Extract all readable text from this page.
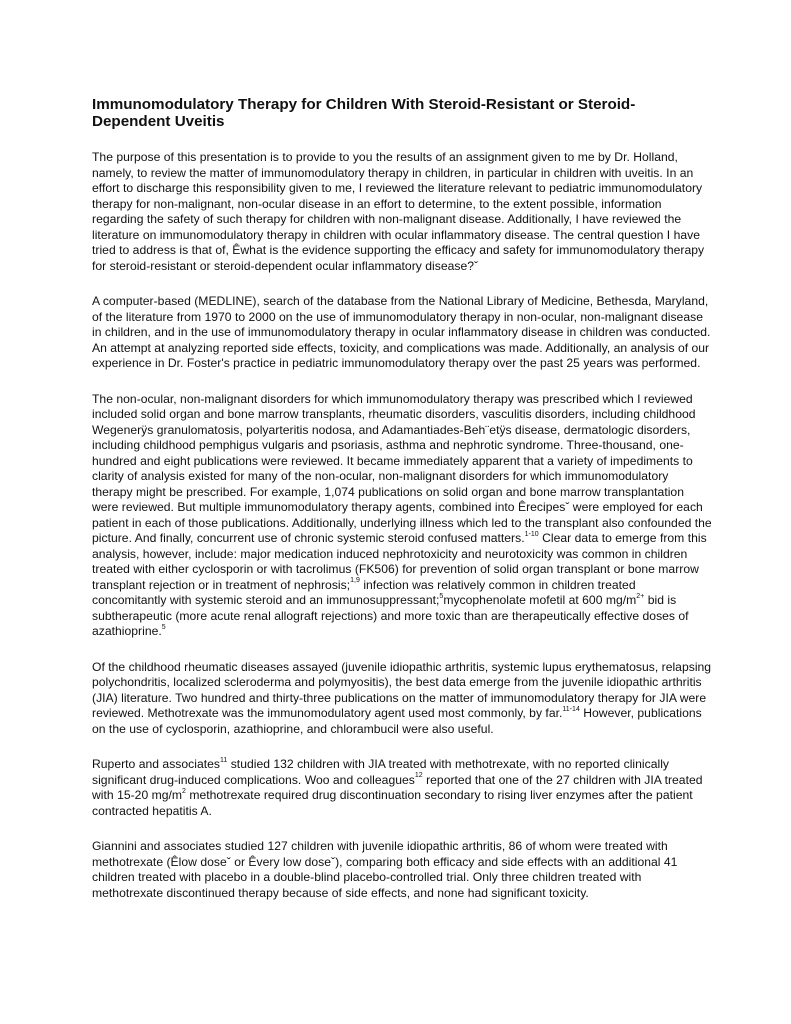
Immunomodulatory Therapy for Children With Steroid-Resistant or Steroid-
Dependent Uveitis

The purpose of this presentation is to provide to you the results of an assignment given to me by Dr. Holland, namely, to review the matter of immunomodulatory therapy in children, in particular in children with uveitis. In an effort to discharge this responsibility given to me, I reviewed the literature relevant to pediatric immunomodulatory therapy for non-malignant, non-ocular disease in an effort to determine, to the extent possible, information regarding the safety of such therapy for children with non-malignant disease. Additionally, I have reviewed the literature on immunomodulatory therapy in children with ocular inflammatory disease. The central question I have tried to address is that of, Êwhat is the evidence supporting the efficacy and safety for immunomodulatory therapy for steroid-resistant or steroid-dependent ocular inflammatory disease?ˇ

A computer-based (MEDLINE), search of the database from the National Library of Medicine, Bethesda, Maryland, of the literature from 1970 to 2000 on the use of immunomodulatory therapy in non-ocular, non-malignant disease in children, and in the use of immunomodulatory therapy in ocular inflammatory disease in children was conducted. An attempt at analyzing reported side effects, toxicity, and complications was made. Additionally, an analysis of our experience in Dr. Foster's practice in pediatric immunomodulatory therapy over the past 25 years was performed.

The non-ocular, non-malignant disorders for which immunomodulatory therapy was prescribed which I reviewed included solid organ and bone marrow transplants, rheumatic disorders, vasculitis disorders, including childhood Wegenerÿs granulomatosis, polyarteritis nodosa, and Adamantiades-Beh¨etÿs disease, dermatologic disorders, including childhood pemphigus vulgaris and psoriasis, asthma and nephrotic syndrome. Three-thousand, one-hundred and eight publications were reviewed. It became immediately apparent that a variety of impediments to clarity of analysis existed for many of the non-ocular, non-malignant disorders for which immunomodulatory therapy might be prescribed. For example, 1,074 publications on solid organ and bone marrow transplantation were reviewed. But multiple immunomodulatory therapy agents, combined into Êrecipesˇ were employed for each patient in each of those publications. Additionally, underlying illness which led to the transplant also confounded the picture. And finally, concurrent use of chronic systemic steroid confused matters.$^{1-10}$ Clear data to emerge from this analysis, however, include: major medication induced nephrotoxicity and neurotoxicity was common in children treated with either cyclosporin or with tacrolimus (FK506) for prevention of solid organ transplant or bone marrow transplant rejection or in treatment of nephrosis;$^{1,9}$ infection was relatively common in children treated concomitantly with systemic steroid and an immunosuppressant;$^5$mycophenolate mofetil at 600 $mg/m^{2+}$ bid is subtherapeutic (more acute renal allograft rejections) and more toxic than are therapeutically effective doses of azathioprine.$^5$

Of the childhood rheumatic diseases assayed (juvenile idiopathic arthritis, systemic lupus erythematosus, relapsing polychondritis, localized scleroderma and polymyositis), the best data emerge from the juvenile idiopathic arthritis (JIA) literature. Two hundred and thirty-three publications on the matter of immunomodulatory therapy for JIA were reviewed. Methotrexate was the immunomodulatory agent used most commonly, by far.$^{11-14}$ However, publications on the use of cyclosporin, azathioprine, and chlorambucil were also useful.

Ruperto and associates$^{11}$ studied 132 children with JIA treated with methotrexate, with no reported clinically significant drug-induced complications. Woo and colleagues$^{12}$ reported that one of the 27 children with JIA treated with 15-20 $mg/m^2$ methotrexate required drug discontinuation secondary to rising liver enzymes after the patient contracted hepatitis A.

Giannini and associates studied 127 children with juvenile idiopathic arthritis, 86 of whom were treated with methotrexate (Êlow doseˇ or Êvery low doseˇ), comparing both efficacy and side effects with an additional 41 children treated with placebo in a double-blind placebo-controlled trial. Only three children treated with methotrexate discontinued therapy because of side effects, and none had significant toxicity.
